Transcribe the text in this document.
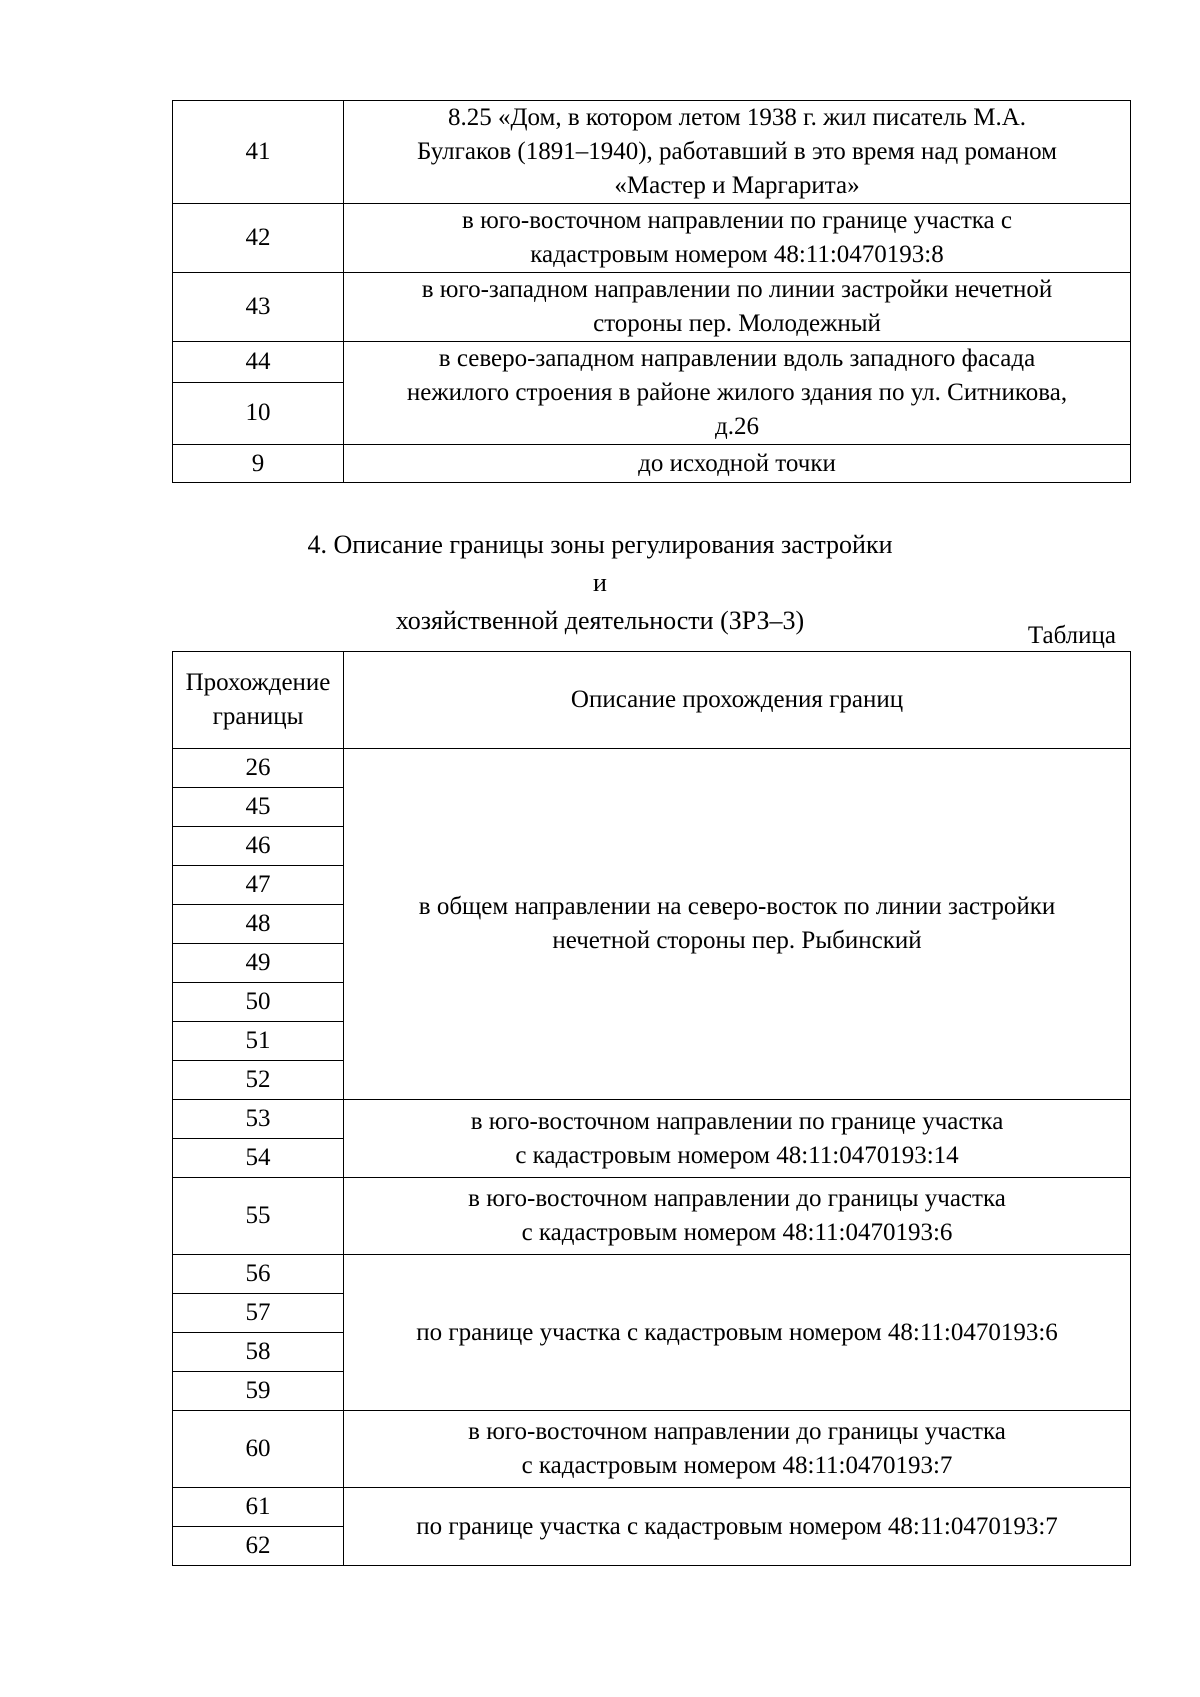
41	8.25 «Дом, в котором летом 1938 г. жил писатель М.А.
Булгаков (1891–1940), работавший в это время над романом
«Мастер и Маргарита»

42	в юго-восточном направлении по границе участка с
кадастровым номером 48:11:0470193:8

43	в юго-западном направлении по линии застройки нечетной
стороны пер. Молодежный

44	в северо-западном направлении вдоль западного фасада
нежилого строения в районе жилого здания по ул. Ситникова,
д.26

10	
9	до исходной точки
4. Описание границы зоны регулирования застройки и
хозяйственной деятельности (ЗРЗ–3)
Таблица
Прохождение
границы	Описание прохождения границ
26	в общем направлении на северо-восток по линии застройки
нечетной стороны пер. Рыбинский

45	
46	
47	
48	
49	
50	
51	
52	
53	в юго-восточном направлении по границе участка
с кадастровым номером 48:11:0470193:14

54	
55	в юго-восточном направлении до границы участка
с кадастровым номером 48:11:0470193:6

56	по границе участка с кадастровым номером 48:11:0470193:6

57	
58	
59	
60	в юго-восточном направлении до границы участка
с кадастровым номером 48:11:0470193:7

61	по границе участка с кадастровым номером 48:11:0470193:7

62	
